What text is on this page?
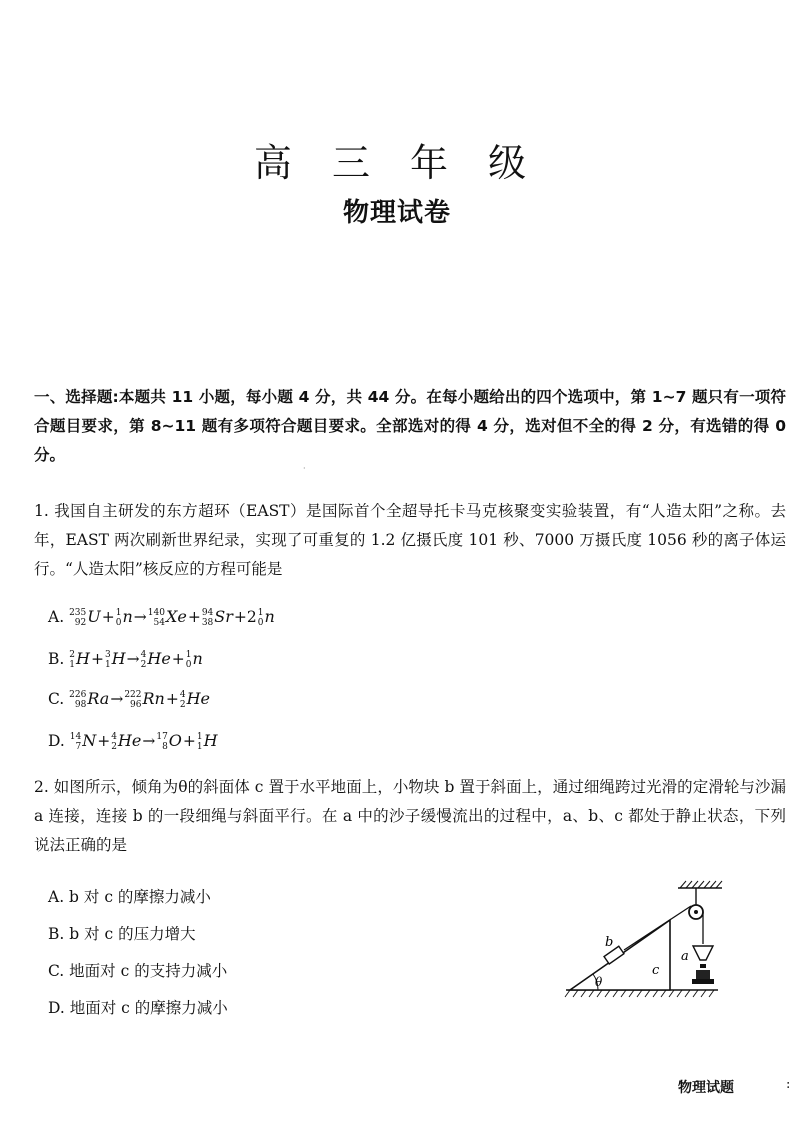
高 三 年 级
物理试卷
一、选择题:本题共 11 小题，每小题 4 分，共 44 分。在每小题给出的四个选项中，第 1~7 题只有一项符合题目要求，第 8~11 题有多项符合题目要求。全部选对的得 4 分，选对但不全的得 2 分，有选错的得 0 分。
·
1. 我国自主研发的东方超环（EAST）是国际首个全超导托卡马克核聚变实验装置，有“人造太阳”之称。去年，EAST 两次刷新世界纪录，实现了可重复的 1.2 亿摄氏度 101 秒、7000 万摄氏度 1056 秒的离子体运行。“人造太阳”核反应的方程可能是
A. 235
92 U+ 1
0 n→ 140
54 Xe+ 94
38 Sr+2 1
0 n
B. 2
1 H+ 3
1 H→ 4
2 He+ 1
0 n
C. 226
98 Ra→ 222
96 Rn+ 4
2 He
D. 14
7 N+ 4
2 He→ 17
8 O+ 1
1 H
2. 如图所示，倾角为θ的斜面体 c 置于水平地面上，小物块 b 置于斜面上，通过细绳跨过光滑的定滑轮与沙漏 a 连接，连接 b 的一段细绳与斜面平行。在 a 中的沙子缓慢流出的过程中，a、b、c 都处于静止状态，下列说法正确的是
A. b 对 c 的摩擦力减小
B. b 对 c 的压力增大
C. 地面对 c 的支持力减小
D. 地面对 c 的摩擦力减小
b
c
a
θ
物理试题	:
